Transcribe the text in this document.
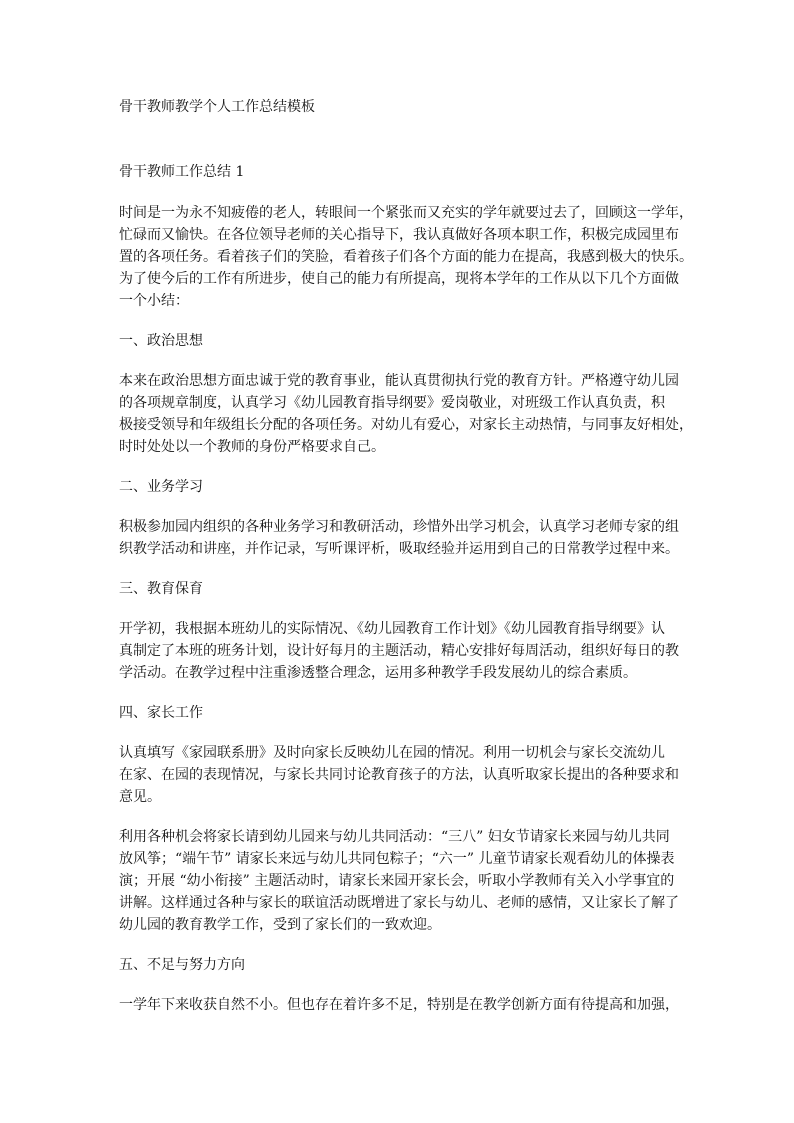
骨干教师教学个人工作总结模板
骨干教师工作总结 1
时间是一为永不知疲倦的老人，转眼间一个紧张而又充实的学年就要过去了，回顾这一学年，
忙碌而又愉快。在各位领导老师的关心指导下，我认真做好各项本职工作，积极完成园里布
置的各项任务。看着孩子们的笑脸，看着孩子们各个方面的能力在提高，我感到极大的快乐。
为了使今后的工作有所进步，使自己的能力有所提高，现将本学年的工作从以下几个方面做
一个小结：
一、政治思想
本来在政治思想方面忠诚于党的教育事业，能认真贯彻执行党的教育方针。严格遵守幼儿园
的各项规章制度，认真学习《幼儿园教育指导纲要》爱岗敬业，对班级工作认真负责，积
极接受领导和年级组长分配的各项任务。对幼儿有爱心，对家长主动热情，与同事友好相处，
时时处处以一个教师的身份严格要求自己。
二、业务学习
积极参加园内组织的各种业务学习和教研活动，珍惜外出学习机会，认真学习老师专家的组
织教学活动和讲座，并作记录，写听课评析，吸取经验并运用到自己的日常教学过程中来。
三、教育保育
开学初，我根据本班幼儿的实际情况、《幼儿园教育工作计划》《幼儿园教育指导纲要》认
真制定了本班的班务计划，设计好每月的主题活动，精心安排好每周活动，组织好每日的教
学活动。在教学过程中注重渗透整合理念，运用多种教学手段发展幼儿的综合素质。
四、家长工作
认真填写《家园联系册》及时向家长反映幼儿在园的情况。利用一切机会与家长交流幼儿
在家、在园的表现情况，与家长共同讨论教育孩子的方法，认真听取家长提出的各种要求和
意见。
利用各种机会将家长请到幼儿园来与幼儿共同活动：“三八” 妇女节请家长来园与幼儿共同
放风筝；“端午节” 请家长来远与幼儿共同包粽子；“六一” 儿童节请家长观看幼儿的体操表
演；开展 “幼小衔接” 主题活动时，请家长来园开家长会，听取小学教师有关入小学事宜的
讲解。这样通过各种与家长的联谊活动既增进了家长与幼儿、老师的感情，又让家长了解了
幼儿园的教育教学工作，受到了家长们的一致欢迎。
五、不足与努力方向
一学年下来收获自然不小。但也存在着许多不足，特别是在教学创新方面有待提高和加强，
